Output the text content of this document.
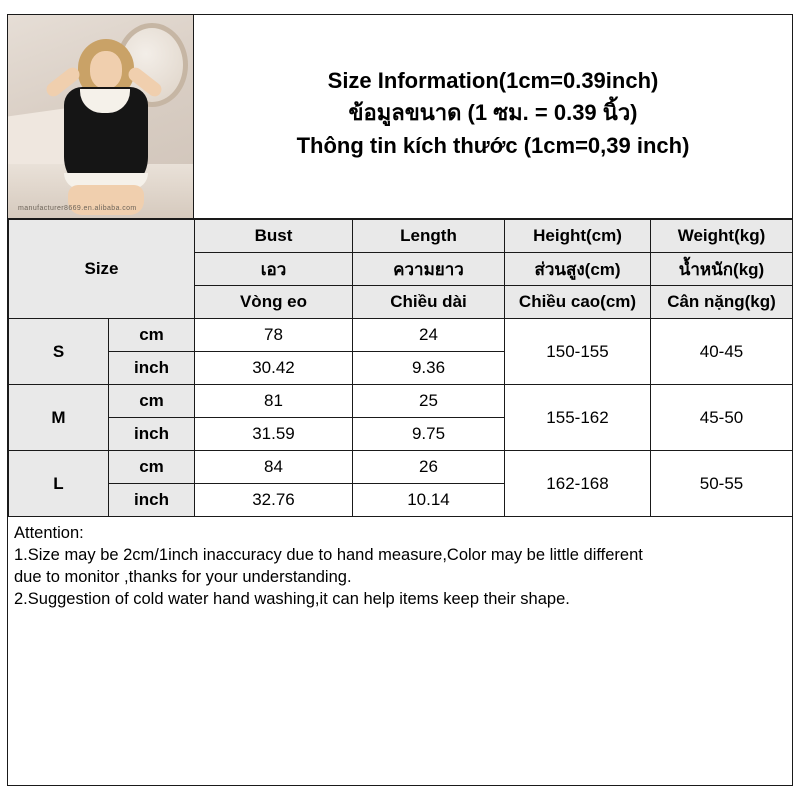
manufacturer8669.en.alibaba.com
Size Information(1cm=0.39inch)
ข้อมูลขนาด (1 ซม. = 0.39 นิ้ว)
Thông tin kích thước (1cm=0,39 inch)
Size		Bust	Length	Height(cm)	Weight(kg)
		เอว	ความยาว	ส่วนสูง(cm)	น้ำหนัก(kg)
		Vòng eo	Chiều dài	Chiều cao(cm)	Cân nặng(kg)
S	cm	78	24	150-155	40-45
	inch	30.42	9.36		
M	cm	81	25	155-162	45-50
	inch	31.59	9.75		
L	cm	84	26	162-168	50-55
	inch	32.76	10.14		

Attention:

1.Size may be 2cm/1inch inaccuracy due to hand measure,Color may be little different

due to monitor ,thanks for your understanding.

2.Suggestion of cold water hand washing,it can help items keep their shape.
